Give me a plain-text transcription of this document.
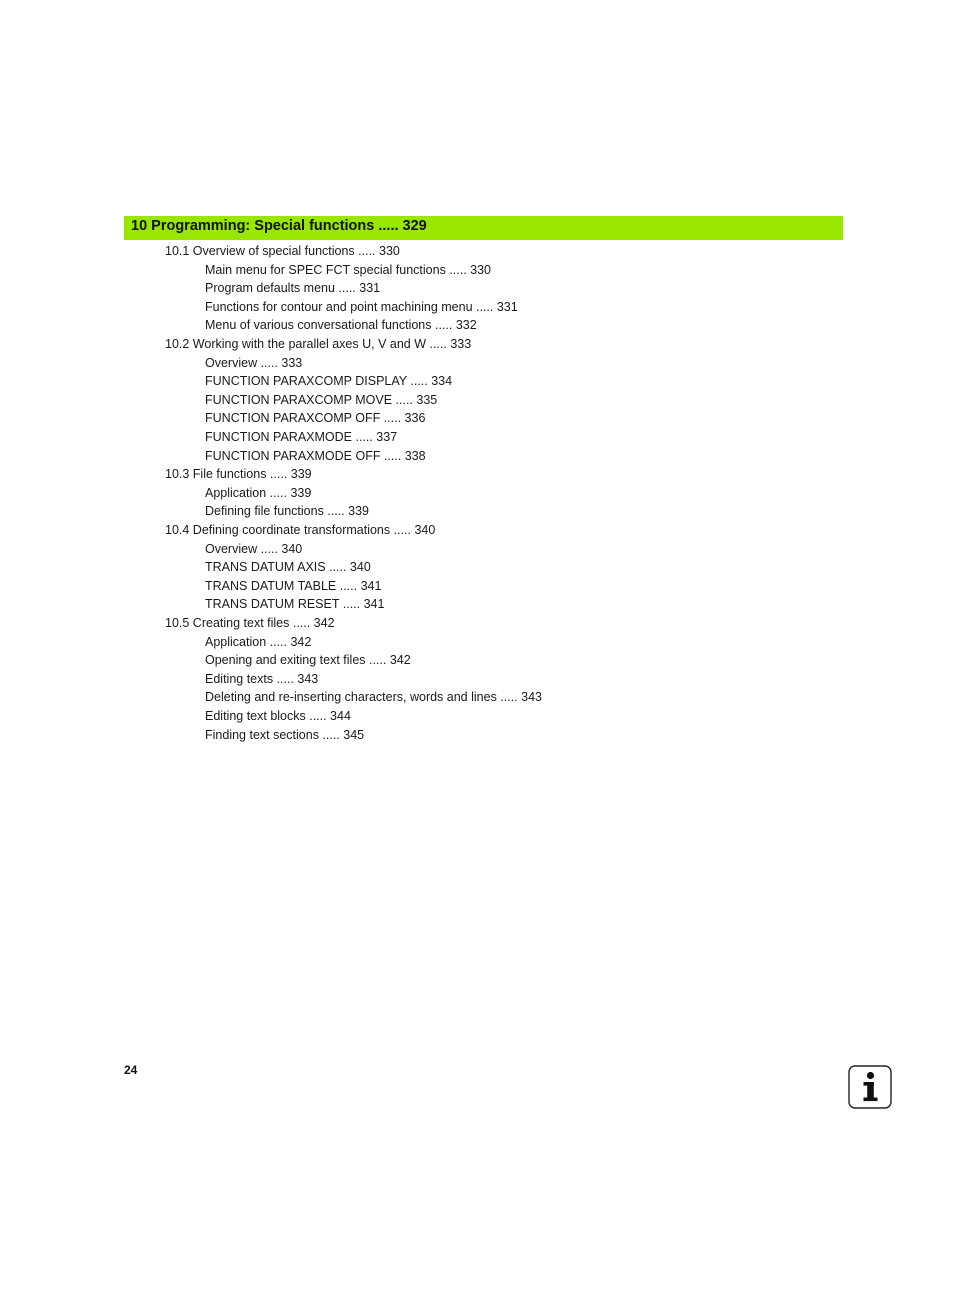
10 Programming: Special functions ..... 329
10.1 Overview of special functions ..... 330
Main menu for SPEC FCT special functions ..... 330
Program defaults menu ..... 331
Functions for contour and point machining menu ..... 331
Menu of various conversational functions ..... 332
10.2 Working with the parallel axes U, V and W ..... 333
Overview ..... 333
FUNCTION PARAXCOMP DISPLAY ..... 334
FUNCTION PARAXCOMP MOVE ..... 335
FUNCTION PARAXCOMP OFF ..... 336
FUNCTION PARAXMODE ..... 337
FUNCTION PARAXMODE OFF ..... 338
10.3 File functions ..... 339
Application ..... 339
Defining file functions ..... 339
10.4 Defining coordinate transformations ..... 340
Overview ..... 340
TRANS DATUM AXIS ..... 340
TRANS DATUM TABLE ..... 341
TRANS DATUM RESET ..... 341
10.5 Creating text files ..... 342
Application ..... 342
Opening and exiting text files ..... 342
Editing texts ..... 343
Deleting and re-inserting characters, words and lines ..... 343
Editing text blocks ..... 344
Finding text sections ..... 345
24
